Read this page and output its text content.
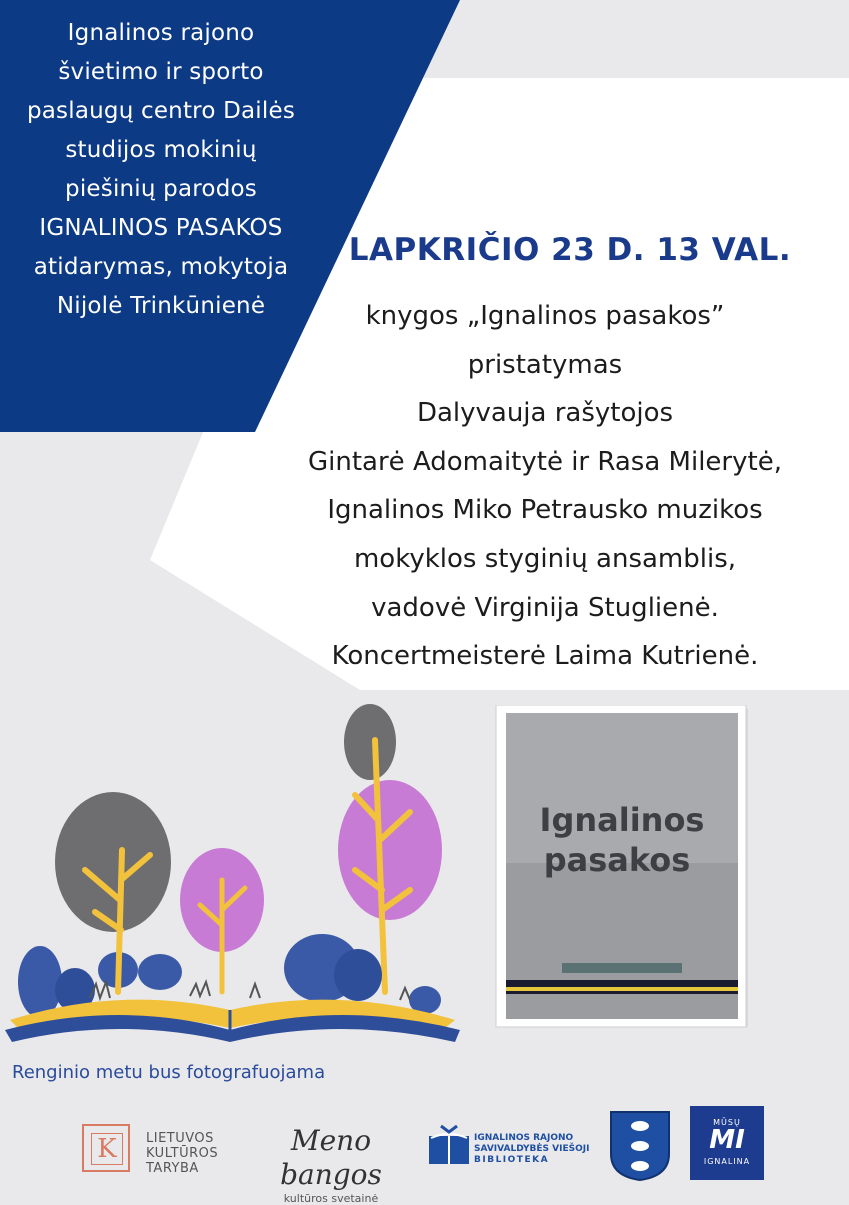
Ignalinos rajono
švietimo ir sporto
paslaugų centro Dailės
studijos mokinių
piešinių parodos
IGNALINOS PASAKOS
atidarymas, mokytoja
Nijolė Trinkūnienė
LAPKRIČIO 23 D. 13 VAL.
knygos „Ignalinos pasakos”
pristatymas
Dalyvauja rašytojos
Gintarė Adomaitytė ir Rasa Milerytė,
Ignalinos Miko Petrausko muzikos
mokyklos styginių ansamblis,
vadovė Virginija Stuglienė.
Koncertmeisterė Laima Kutrienė.
Ignalinos
pasakos
Renginio metu bus fotografuojama
K	LIETUVOS
KULTŪROS
TARYBA
Meno bangos
kultūros svetainė
IGNALINOS RAJONO
SAVIVALDYBĖS VIEŠOJI
BIBLIOTEKA
MŪSŲ
MI
IGNALINA
